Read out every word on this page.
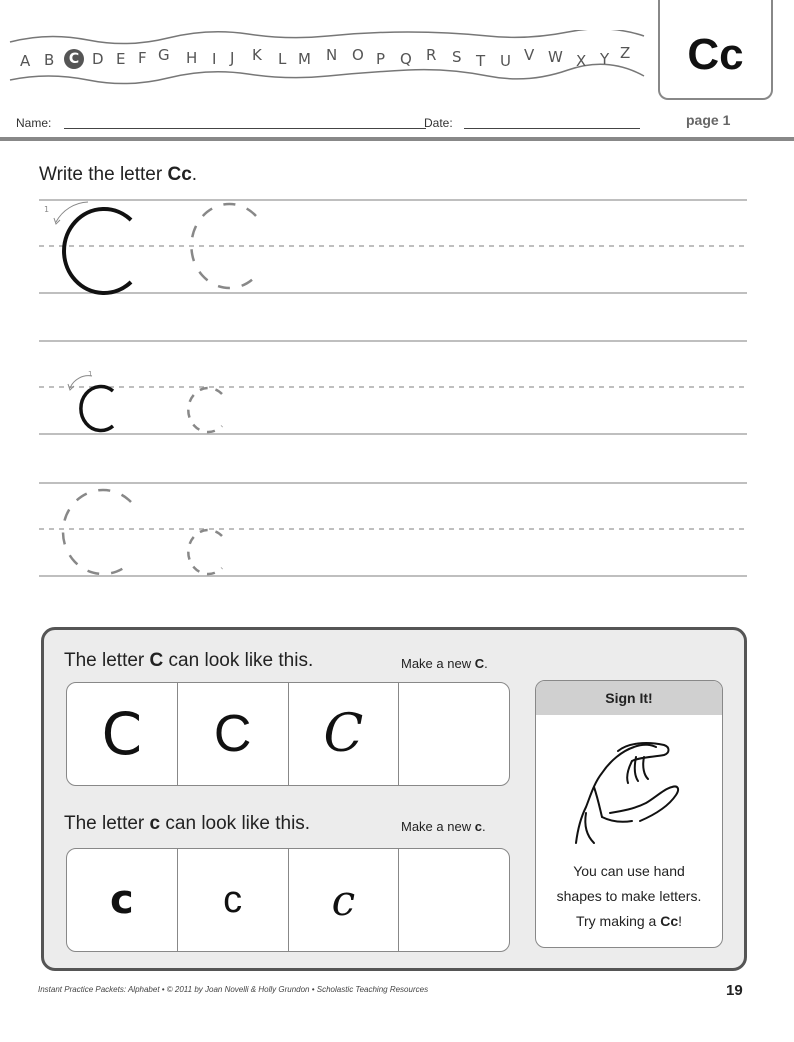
A B	C D E F G H I J K L M N O P Q R S T U V W X Y Z	Cc
Name:	Date:	page 1
Write the letter Cc.
1
1
The letter C can look like this.	Make a new C.
C	C	C
The letter c can look like this.	Make a new c.
c	c	c
Sign It!
You can use hand
shapes to make letters.
Try making a Cc!
Instant Practice Packets: Alphabet • © 2011 by Joan Novelli & Holly Grundon • Scholastic Teaching Resources	19
